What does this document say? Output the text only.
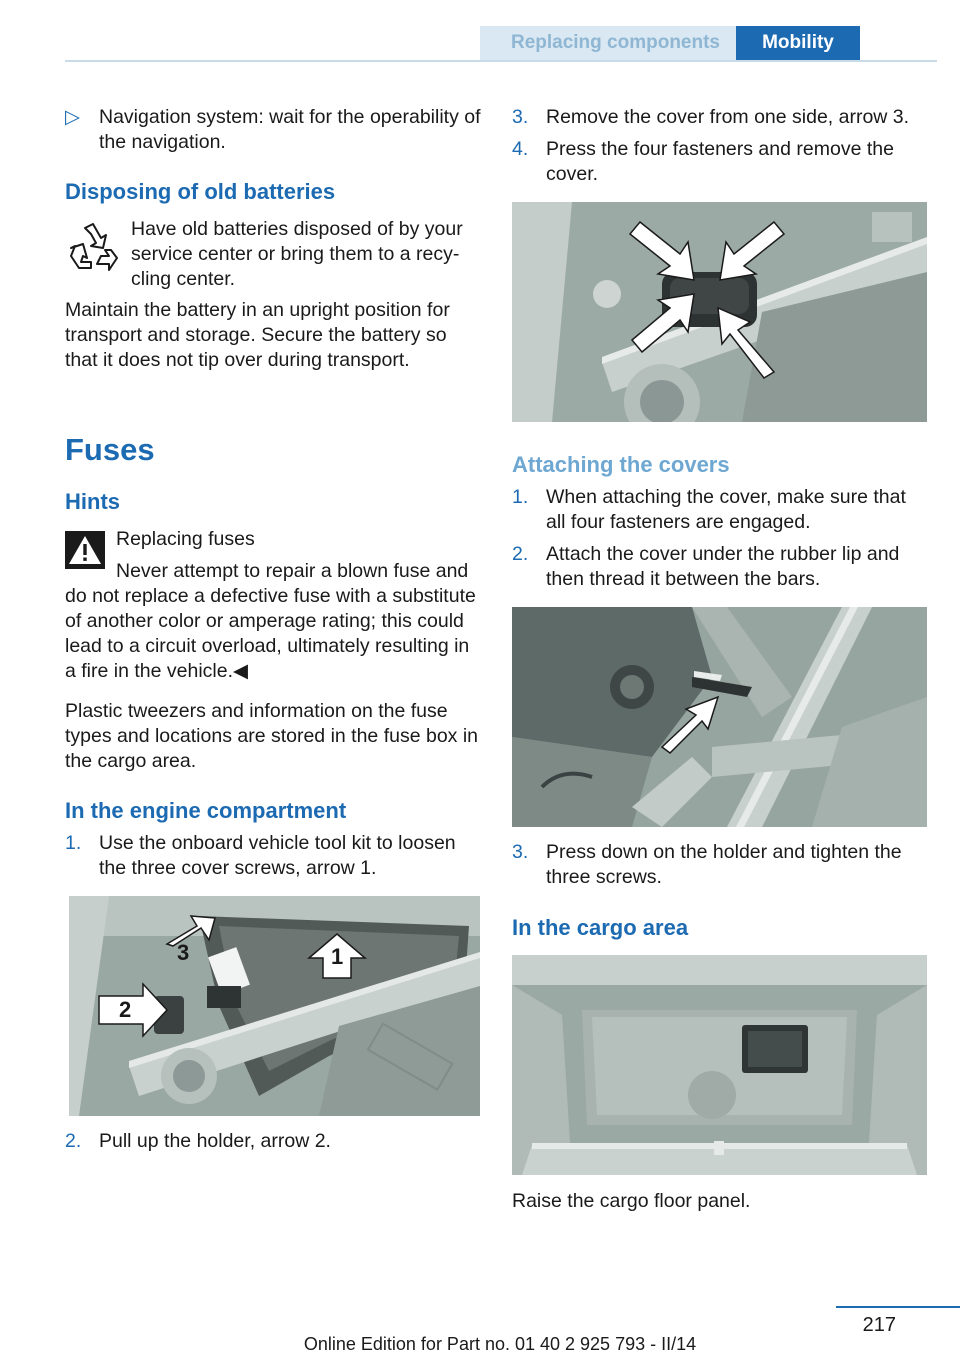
Replacing components	Mobility
▷ Navigation system: wait for the operability of the navigation.
Disposing of old batteries

Have old batteries disposed of by your service center or bring them to a recycling center.

Maintain the battery in an upright position for transport and storage. Secure the battery so that it does not tip over during transport.

Fuses
Hints

Replacing fuses

Never attempt to repair a blown fuse and do not replace a defective fuse with a substitute of another color or amperage rating; this could lead to a circuit overload, ultimately resulting in a fire in the vehicle.◀

Plastic tweezers and information on the fuse types and locations are stored in the fuse box in the cargo area.

In the engine compartment
1. Use the onboard vehicle tool kit to loosen the three cover screws, arrow 1.
1
2
3
2. Pull up the holder, arrow 2.
3. Remove the cover from one side, arrow 3.
4. Press the four fasteners and remove the cover.
Attaching the covers
1. When attaching the cover, make sure that all four fasteners are engaged.
2. Attach the cover under the rubber lip and then thread it between the bars.
3. Press down on the holder and tighten the three screws.
In the cargo area

Raise the cargo floor panel.

217
Online Edition for Part no. 01 40 2 925 793 - II/14
